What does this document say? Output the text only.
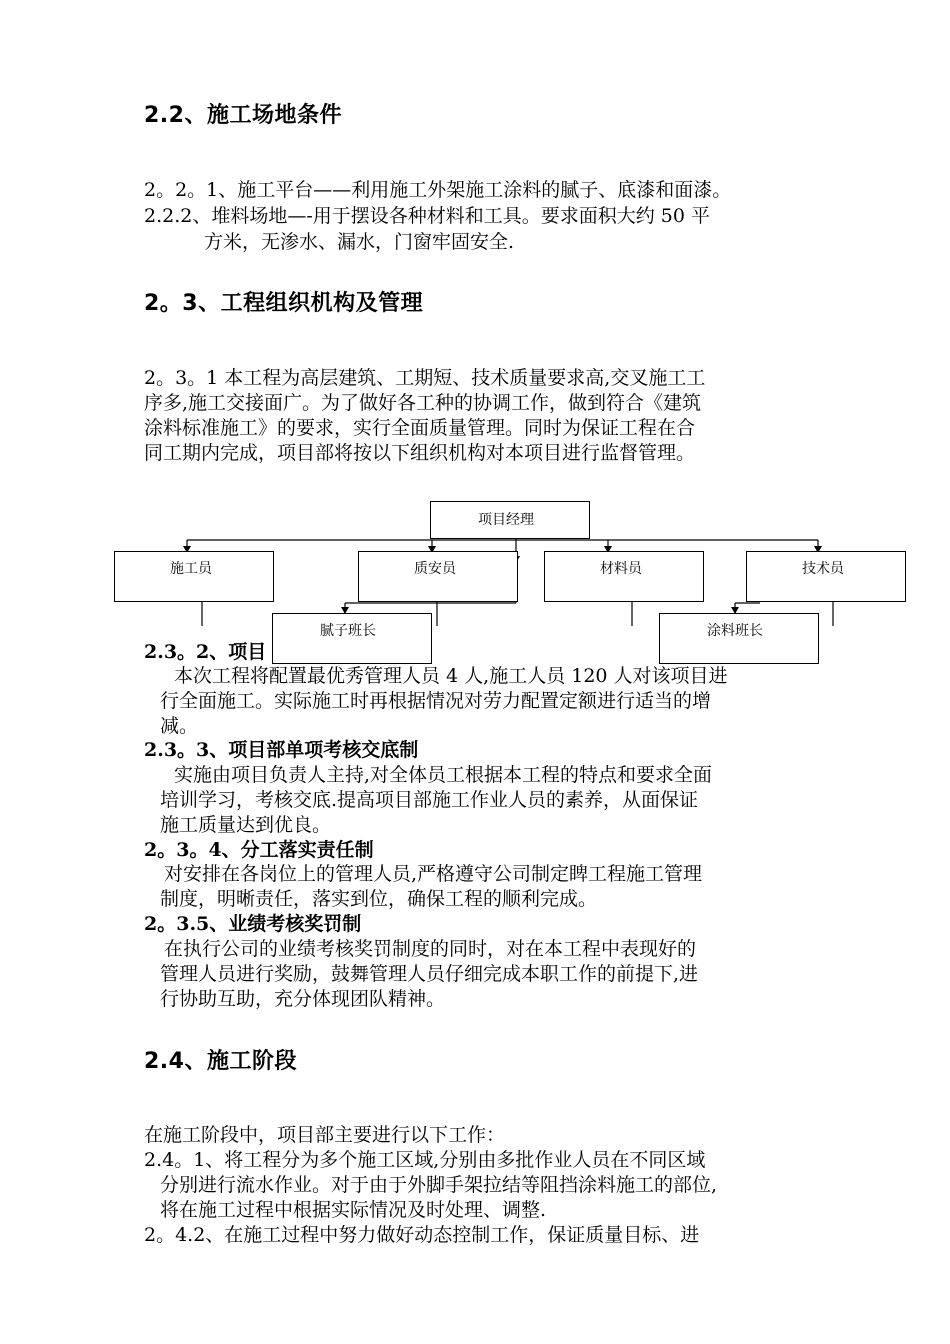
2.2、施工场地条件
2。2。1、施工平台——利用施工外架施工涂料的腻子、底漆和面漆。
2.2.2、堆料场地—-用于摆设各种材料和工具。要求面积大约 50 平
方米，无渗水、漏水，门窗牢固安全.
2。3、工程组织机构及管理
2。3。1 本工程为高层建筑、工期短、技术质量要求高,交叉施工工
序多,施工交接面广。为了做好各工种的协调工作，做到符合《建筑
涂料标准施工》的要求，实行全面质量管理。同时为保证工程在合
同工期内完成，项目部将按以下组织机构对本项目进行监督管理。
项目经理
施工员	质安员	材料员	技术员
腻子班长	涂料班长
2.3。2、项目
本次工程将配置最优秀管理人员 4 人,施工人员 120 人对该项目进
行全面施工。实际施工时再根据情况对劳力配置定额进行适当的增
减。
2.3。3、项目部单项考核交底制
实施由项目负责人主持,对全体员工根据本工程的特点和要求全面
培训学习，考核交底.提高项目部施工作业人员的素养，从面保证
施工质量达到优良。
2。3。4、分工落实责任制
对安排在各岗位上的管理人员,严格遵守公司制定睥工程施工管理
制度，明晰责任，落实到位，确保工程的顺利完成。
2。3.5、业绩考核奖罚制
在执行公司的业绩考核奖罚制度的同时，对在本工程中表现好的
管理人员进行奖励，鼓舞管理人员仔细完成本职工作的前提下,进
行协助互助，充分体现团队精神。
2.4、施工阶段
在施工阶段中，项目部主要进行以下工作：
2.4。1、将工程分为多个施工区域,分别由多批作业人员在不同区域
分别进行流水作业。对于由于外脚手架拉结等阻挡涂料施工的部位,
将在施工过程中根据实际情况及时处理、调整.
2。4.2、在施工过程中努力做好动态控制工作，保证质量目标、进
